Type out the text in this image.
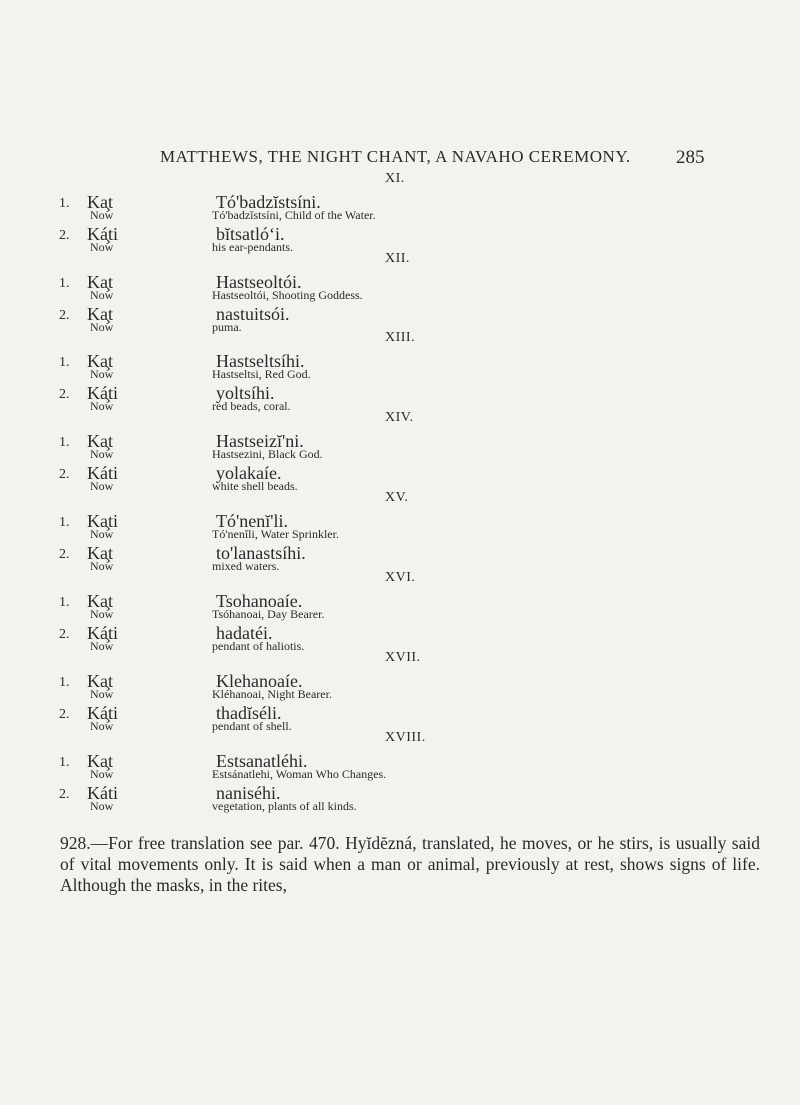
MATTHEWS, THE NIGHT CHANT, A NAVAHO CEREMONY.	285
XI.
1. Ka̧t	Tó'badzĭstsíni.
Now	Tó'badzĭstsíni, Child of the Water.
2. Ká̧ti	bĭtsatlóʻi.
Now	his ear-pendants.
XII.
1. Ka̧t	Hastseoltói.
Now	Hastseoltói, Shooting Goddess.
2. Ka̧t	nastuitsói.
Now	puma.
XIII.
1. Ka̧t	Hastseltsíhi.
Now	Hastseltsi, Red God.
2. Ká̧ti	yoltsíhi.
Now	red beads, coral.
XIV.
1. Ka̧t	Hastseizĭ'ni.
Now	Hastsezini, Black God.
2. Káti	yolakaíe.
Now	white shell beads.
XV.
1. Ka̧ti	Tó'nenĭ'li.
Now	Tó'nenĭli, Water Sprinkler.
2. Ka̧t	to'lanastsíhi.
Now	mixed waters.
XVI.
1. Ka̧t	Tsohanoaíe.
Now	Tsóhanoai, Day Bearer.
2. Ká̧ti	hadatéi.
Now	pendant of haliotis.
XVII.
1. Ka̧t	Klehanoaíe.
Now	Kléhanoai, Night Bearer.
2. Ká̧ti	thadĭséli.
Now	pendant of shell.
XVIII.
1. Ka̧t	Estsanatléhi.
Now	Estsánatlehi, Woman Who Changes.
2. Káti	naniséhi.
Now	vegetation, plants of all kinds.
928.—For free translation see par. 470. Hyĭdĕzná, translated, he moves, or he stirs, is usually said of vital movements only. It is said when a man or animal, previously at rest, shows signs of life. Although the masks, in the rites,
